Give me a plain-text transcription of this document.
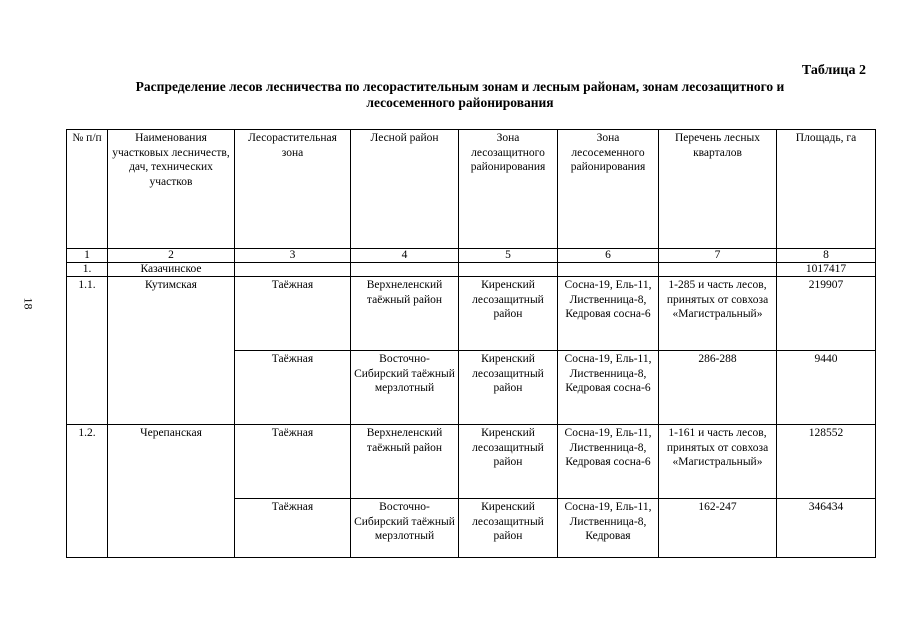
18
Таблица 2
Распределение лесов лесничества по лесорастительным зонам и лесным районам, зонам лесозащитного и лесосеменного районирования
№ п/п	Наименования участковых лесничеств, дач, технических участков	Лесорастительная зона	Лесной район	Зона лесозащитного районирования	Зона лесосеменного районирования	Перечень лесных кварталов	Площадь, га
1	2	3	4	5	6	7	8
1.	Казачинское						1017417
1.1.	Кутимская	Таёжная	Верхнеленский таёжный район	Киренский лесозащитный район	Сосна-19, Ель-11, Лиственница-8, Кедровая сосна-6	1-285 и часть лесов, принятых от совхоза «Магистральный»	219907
		Таёжная	Восточно-Сибирский таёжный мерзлотный	Киренский лесозащитный район	Сосна-19, Ель-11, Лиственница-8, Кедровая сосна-6	286-288	9440
1.2.	Черепанская	Таёжная	Верхнеленский таёжный район	Киренский лесозащитный район	Сосна-19, Ель-11, Лиственница-8, Кедровая сосна-6	1-161 и часть лесов, принятых от совхоза «Магистральный»	128552
		Таёжная	Восточно-Сибирский таёжный мерзлотный	Киренский лесозащитный район	Сосна-19, Ель-11, Лиственница-8, Кедровая	162-247	346434
